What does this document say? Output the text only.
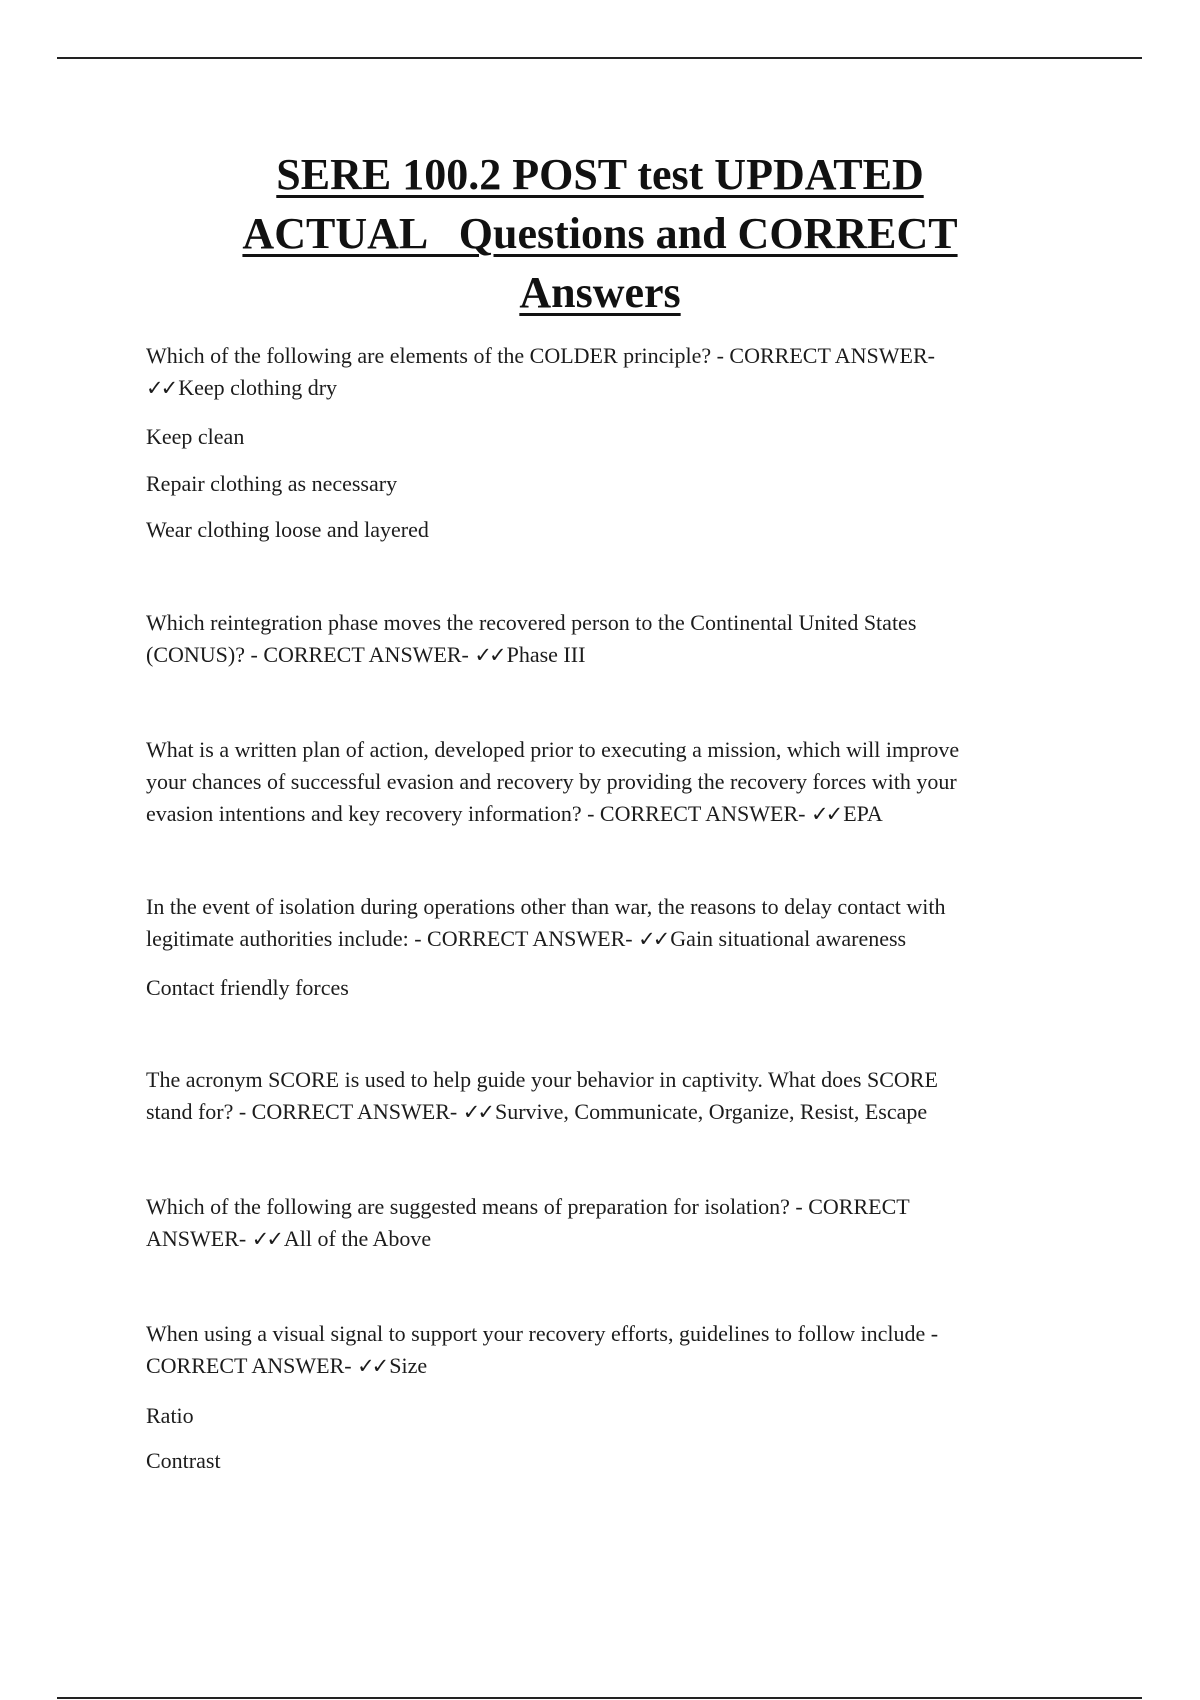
SERE 100.2 POST test UPDATED
ACTUAL   Questions and CORRECT
Answers

Which of the following are elements of the COLDER principle? - CORRECT ANSWER-

✓✓ Keep clothing dry

Keep clean
Repair clothing as necessary
Wear clothing loose and layered

Which reintegration phase moves the recovered person to the Continental United States

(CONUS)? - CORRECT ANSWER- ✓✓ Phase III

What is a written plan of action, developed prior to executing a mission, which will improve

your chances of successful evasion and recovery by providing the recovery forces with your

evasion intentions and key recovery information? - CORRECT ANSWER- ✓✓ EPA

In the event of isolation during operations other than war, the reasons to delay contact with

legitimate authorities include: - CORRECT ANSWER- ✓✓ Gain situational awareness

Contact friendly forces

The acronym SCORE is used to help guide your behavior in captivity. What does SCORE

stand for? - CORRECT ANSWER- ✓✓ Survive, Communicate, Organize, Resist, Escape

Which of the following are suggested means of preparation for isolation? - CORRECT

ANSWER- ✓✓ All of the Above

When using a visual signal to support your recovery efforts, guidelines to follow include -

CORRECT ANSWER- ✓✓ Size

Ratio
Contrast
